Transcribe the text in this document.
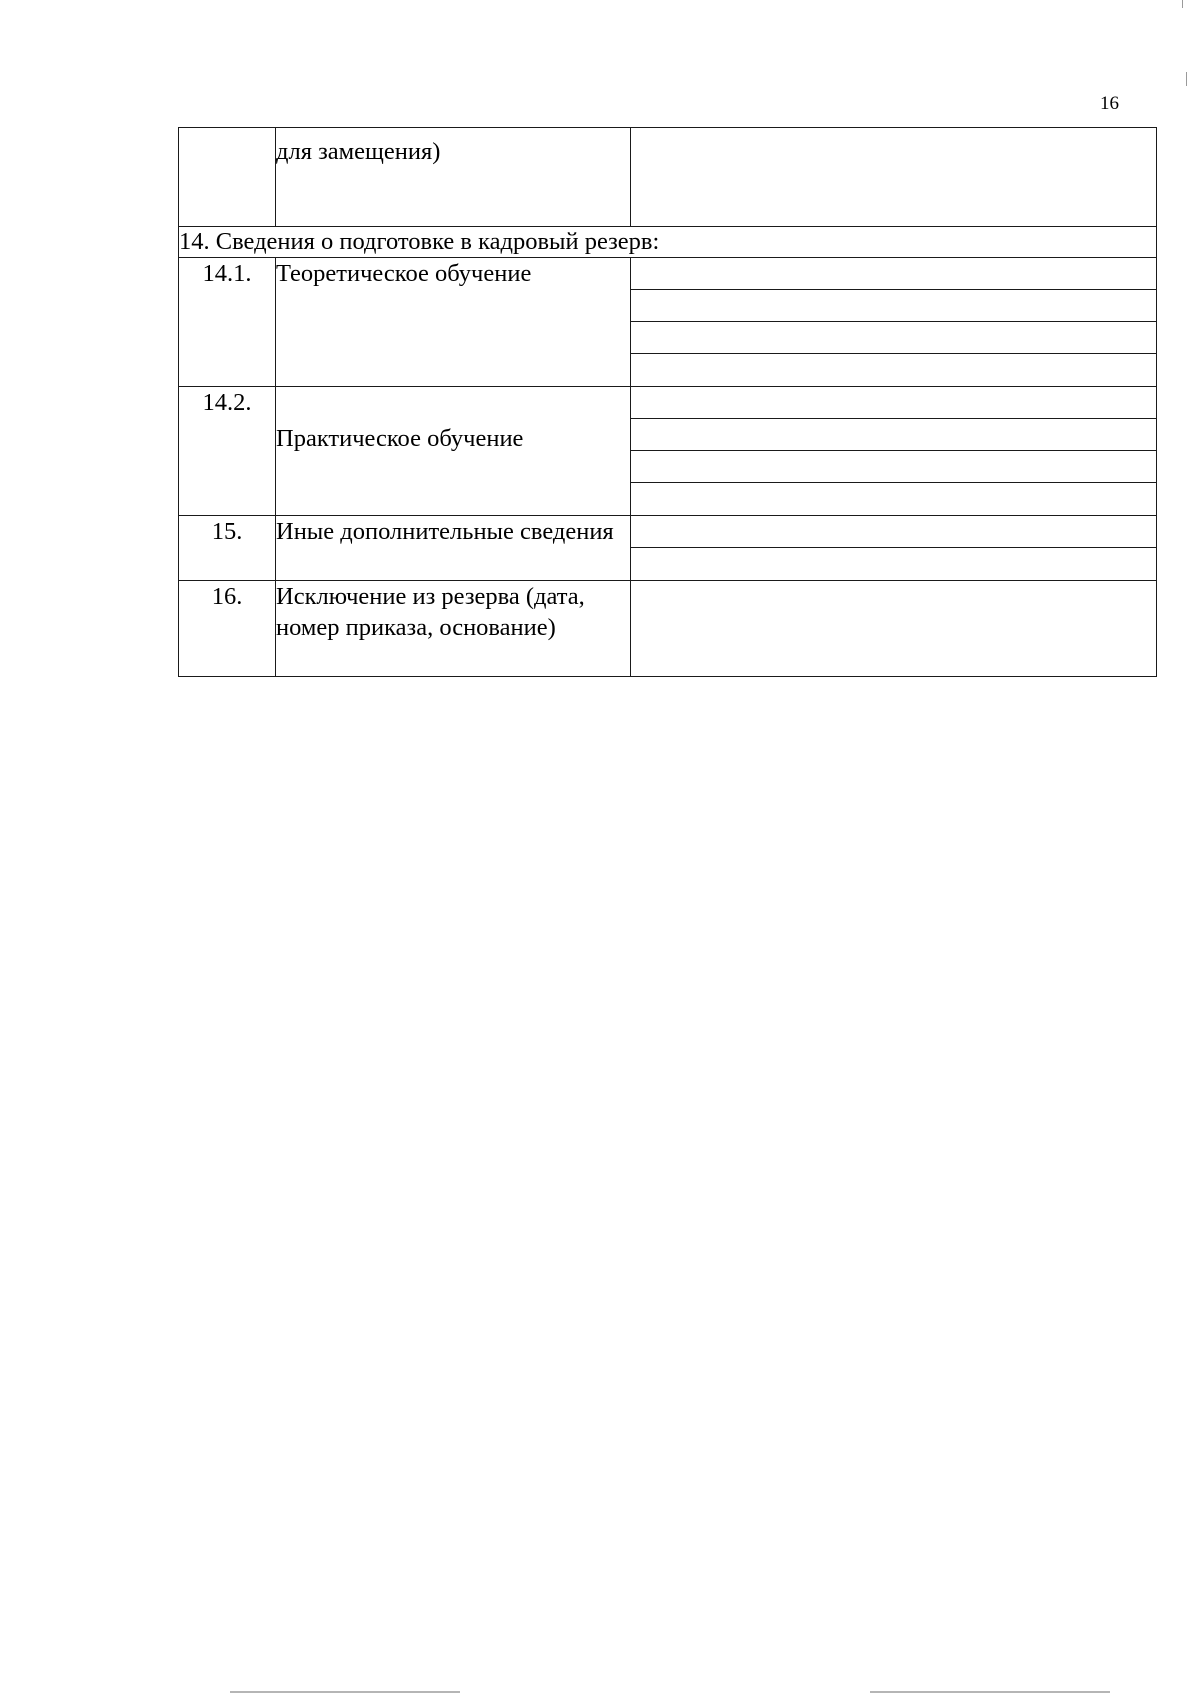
16
	для замещения)	
14. Сведения о подготовке в кадровый резерв:		
14.1.	Теоретическое обучение	

14.2.	Практическое обучение	

15.	Иные дополнительные сведения	

16.	Исключение из резерва (дата, номер приказа, основание)	
